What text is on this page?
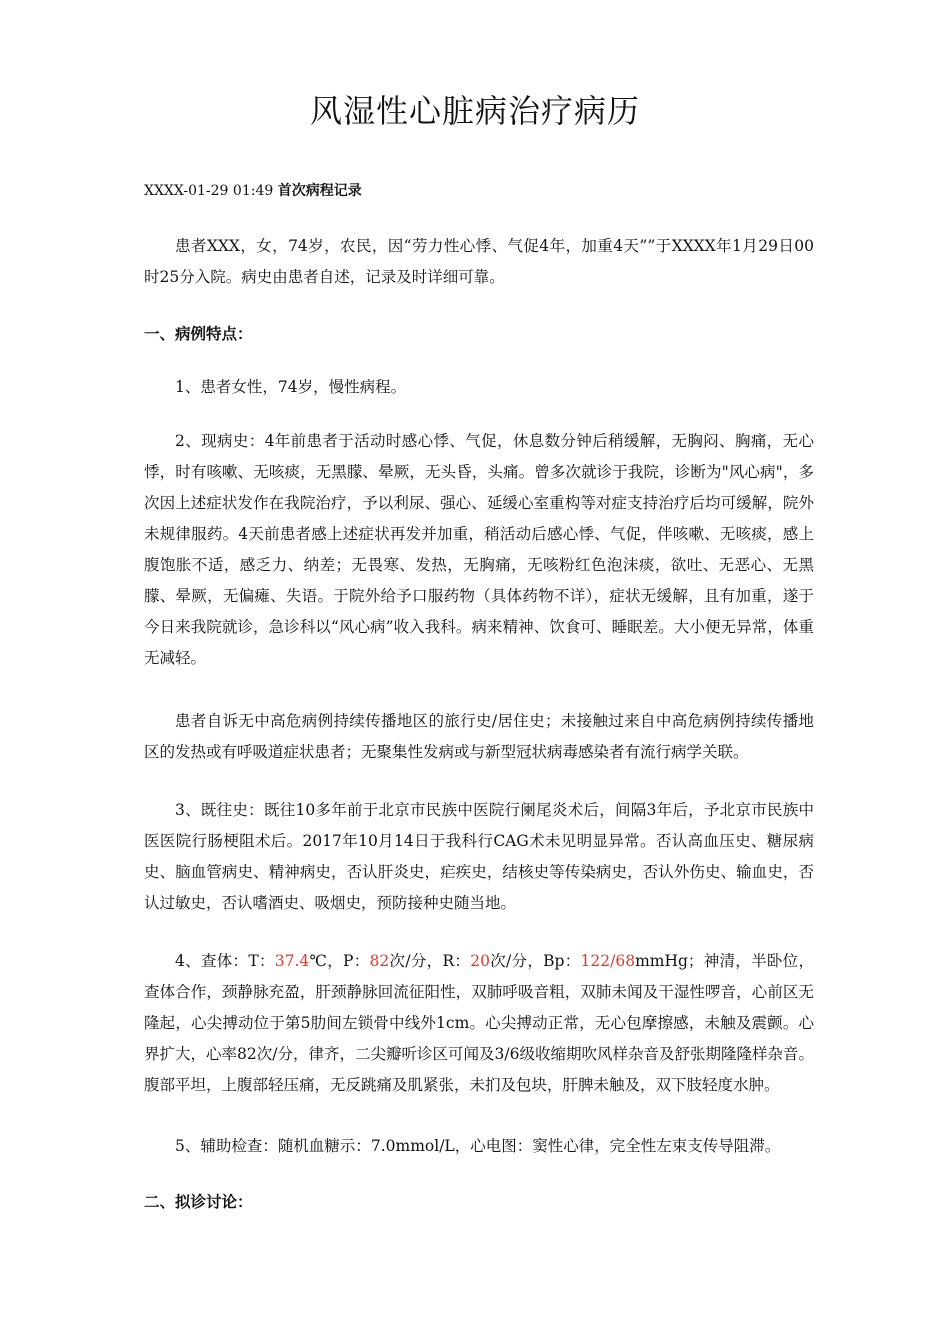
风湿性心脏病治疗病历
XXXX-01-29 01:49 首次病程记录
患者XXX，女，74岁，农民，因“劳力性心悸、气促4年，加重4天””于XXXX年1月29日00时25分入院。病史由患者自述，记录及时详细可靠。
一、病例特点：
1、患者女性，74岁，慢性病程。
2、现病史：4年前患者于活动时感心悸、气促，休息数分钟后稍缓解，无胸闷、胸痛，无心悸，时有咳嗽、无咳痰，无黑朦、晕厥，无头昏，头痛。曾多次就诊于我院，诊断为"风心病"，多次因上述症状发作在我院治疗，予以利尿、强心、延缓心室重构等对症支持治疗后均可缓解，院外未规律服药。4天前患者感上述症状再发并加重，稍活动后感心悸、气促，伴咳嗽、无咳痰，感上腹饱胀不适，感乏力、纳差；无畏寒、发热，无胸痛，无咳粉红色泡沫痰，欲吐、无恶心、无黑朦、晕厥，无偏瘫、失语。于院外给予口服药物（具体药物不详），症状无缓解，且有加重，遂于今日来我院就诊，急诊科以“风心病”收入我科。病来精神、饮食可、睡眠差。大小便无异常，体重无减轻。
患者自诉无中高危病例持续传播地区的旅行史/居住史；未接触过来自中高危病例持续传播地区的发热或有呼吸道症状患者；无聚集性发病或与新型冠状病毒感染者有流行病学关联。
3、既往史：既往10多年前于北京市民族中医院行阑尾炎术后，间隔3年后，予北京市民族中医医院行肠梗阻术后。2017年10月14日于我科行CAG术未见明显异常。否认高血压史、糖尿病史、脑血管病史、精神病史，否认肝炎史，疟疾史，结核史等传染病史，否认外伤史、输血史，否认过敏史，否认嗜酒史、吸烟史，预防接种史随当地。
4、查体：T：37.4℃，P：82次/分，R：20次/分，Bp：122/68mmHg；神清，半卧位，查体合作，颈静脉充盈，肝颈静脉回流征阳性，双肺呼吸音粗，双肺未闻及干湿性啰音，心前区无隆起，心尖搏动位于第5肋间左锁骨中线外1cm。心尖搏动正常，无心包摩擦感，未触及震颤。心界扩大，心率82次/分，律齐，二尖瓣听诊区可闻及3/6级收缩期吹风样杂音及舒张期隆隆样杂音。腹部平坦，上腹部轻压痛，无反跳痛及肌紧张，未扪及包块，肝脾未触及，双下肢轻度水肿。
5、辅助检查：随机血糖示：7.0mmol/L，心电图：窦性心律，完全性左束支传导阻滞。
二、拟诊讨论：
